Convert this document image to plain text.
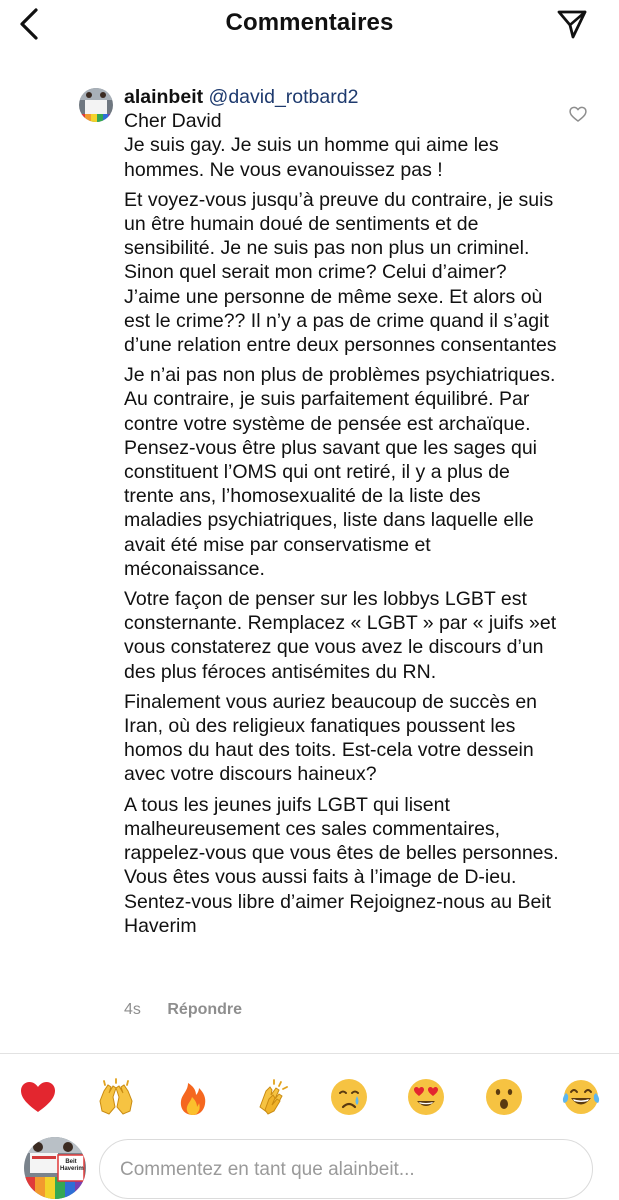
Commentaires

alainbeit @david_rotbard2

Cher David

Je suis gay. Je suis un homme qui aime les hommes. Ne vous evanouissez pas !

Et voyez-vous jusqu’à preuve du contraire, je suis un être humain doué de sentiments et de sensibilité. Je ne suis pas non plus un criminel. Sinon quel serait mon crime? Celui d’aimer? J’aime une personne de même sexe. Et alors où est le crime?? Il n’y a pas de crime quand il s’agit d’une relation entre deux personnes consentantes

Je n’ai pas non plus de problèmes psychiatriques. Au contraire, je suis parfaitement équilibré. Par contre votre système de pensée est archaïque. Pensez-vous être plus savant que les sages qui constituent l’OMS qui ont retiré, il y a plus de trente ans, l’homosexualité de la liste des maladies psychiatriques, liste dans laquelle elle avait été mise par conservatisme et méconaissance.

Votre façon de penser sur les lobbys LGBT est consternante. Remplacez « LGBT » par « juifs »et vous constaterez que vous avez le discours d’un des plus féroces antisémites du RN.

Finalement vous auriez beaucoup de succès en Iran, où des religieux fanatiques poussent les homos du haut des toits. Est-cela votre dessein avec votre discours haineux?

A tous les jeunes juifs LGBT qui lisent malheureusement ces sales commentaires, rappelez-vous que vous êtes de belles personnes. Vous êtes vous aussi faits à l’image de D-ieu. Sentez-vous libre d’aimer Rejoignez-nous au Beit Haverim

4s Répondre
Beit Haverim
Commentez en tant que alainbeit...
